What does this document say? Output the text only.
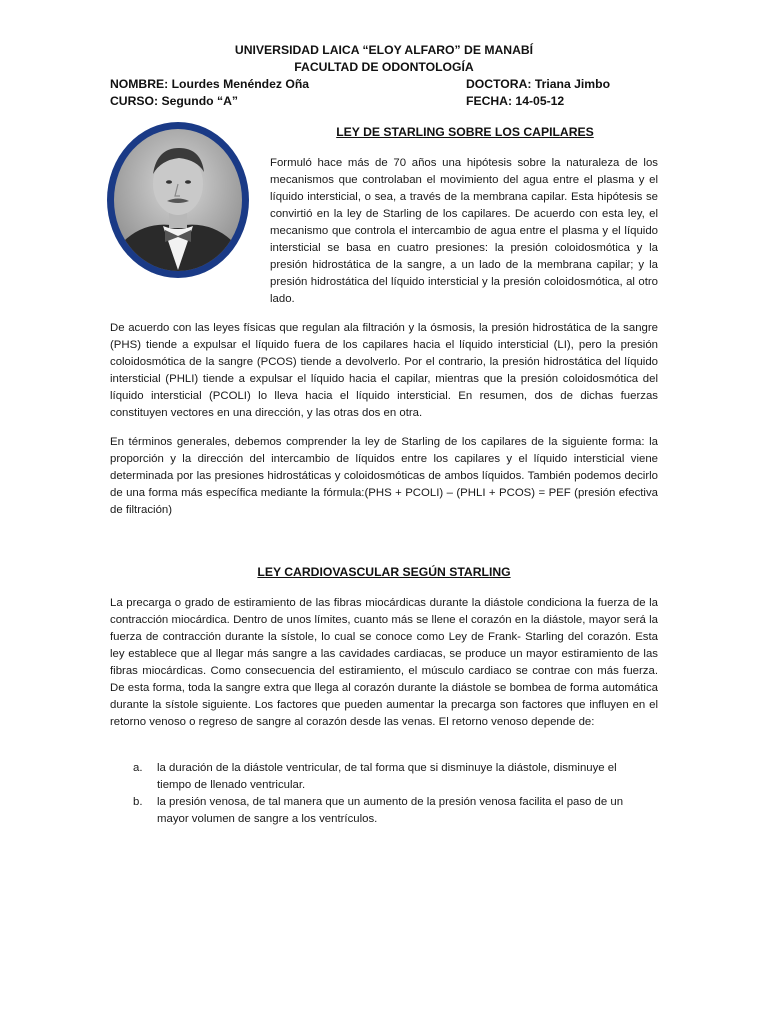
UNIVERSIDAD LAICA “ELOY ALFARO” DE MANABÍ
FACULTAD DE ODONTOLOGÍA
NOMBRE: Lourdes Menéndez Oña	DOCTORA: Triana Jimbo
CURSO: Segundo “A”	FECHA: 14-05-12
LEY DE STARLING SOBRE LOS CAPILARES

Formuló hace más de 70 años una hipótesis sobre la naturaleza de los mecanismos que controlaban el movimiento del agua entre el plasma y el líquido intersticial, o sea, a través de la membrana capilar. Esta hipótesis se convirtió en la ley de Starling de los capilares. De acuerdo con esta ley, el mecanismo que controla el intercambio de agua entre el plasma y el líquido intersticial se basa en cuatro presiones: la presión coloidosmótica y la presión hidrostática de la sangre, a un lado de la membrana capilar; y la presión hidrostática del líquido intersticial y la presión coloidosmótica, al otro lado.

De acuerdo con las leyes físicas que regulan ala filtración y la ósmosis, la presión hidrostática de la sangre (PHS) tiende a expulsar el líquido fuera de los capilares hacia el líquido intersticial (LI), pero la presión coloidosmótica de la sangre (PCOS) tiende a devolverlo. Por el contrario, la presión hidrostática del líquido intersticial (PHLI) tiende a expulsar el líquido hacia el capilar, mientras que la presión coloidosmótica del líquido intersticial (PCOLI) lo lleva hacia el líquido intersticial. En resumen, dos de dichas fuerzas constituyen vectores en una dirección, y las otras dos en otra.

En términos generales, debemos comprender la ley de Starling de los capilares de la siguiente forma: la proporción y la dirección del intercambio de líquidos entre los capilares y el líquido intersticial viene determinada por las presiones hidrostáticas y coloidosmóticas de ambos líquidos. También podemos decirlo de una forma más específica mediante la fórmula:(PHS + PCOLI) – (PHLI + PCOS) = PEF (presión efectiva de filtración)

LEY CARDIOVASCULAR SEGÚN STARLING

La precarga o grado de estiramiento de las fibras miocárdicas durante la diástole condiciona la fuerza de la contracción miocárdica. Dentro de unos límites, cuanto más se llene el corazón en la diástole, mayor será la fuerza de contracción durante la sístole, lo cual se conoce como Ley de Frank- Starling del corazón. Esta ley establece que al llegar más sangre a las cavidades cardiacas, se produce un mayor estiramiento de las fibras miocárdicas. Como consecuencia del estiramiento, el músculo cardiaco se contrae con más fuerza. De esta forma, toda la sangre extra que llega al corazón durante la diástole se bombea de forma automática durante la sístole siguiente. Los factores que pueden aumentar la precarga son factores que influyen en el retorno venoso o regreso de sangre al corazón desde las venas. El retorno venoso depende de:

a.	la duración de la diástole ventricular, de tal forma que si disminuye la diástole, disminuye el tiempo de llenado ventricular.
b.	la presión venosa, de tal manera que un aumento de la presión venosa facilita el paso de un mayor volumen de sangre a los ventrículos.
